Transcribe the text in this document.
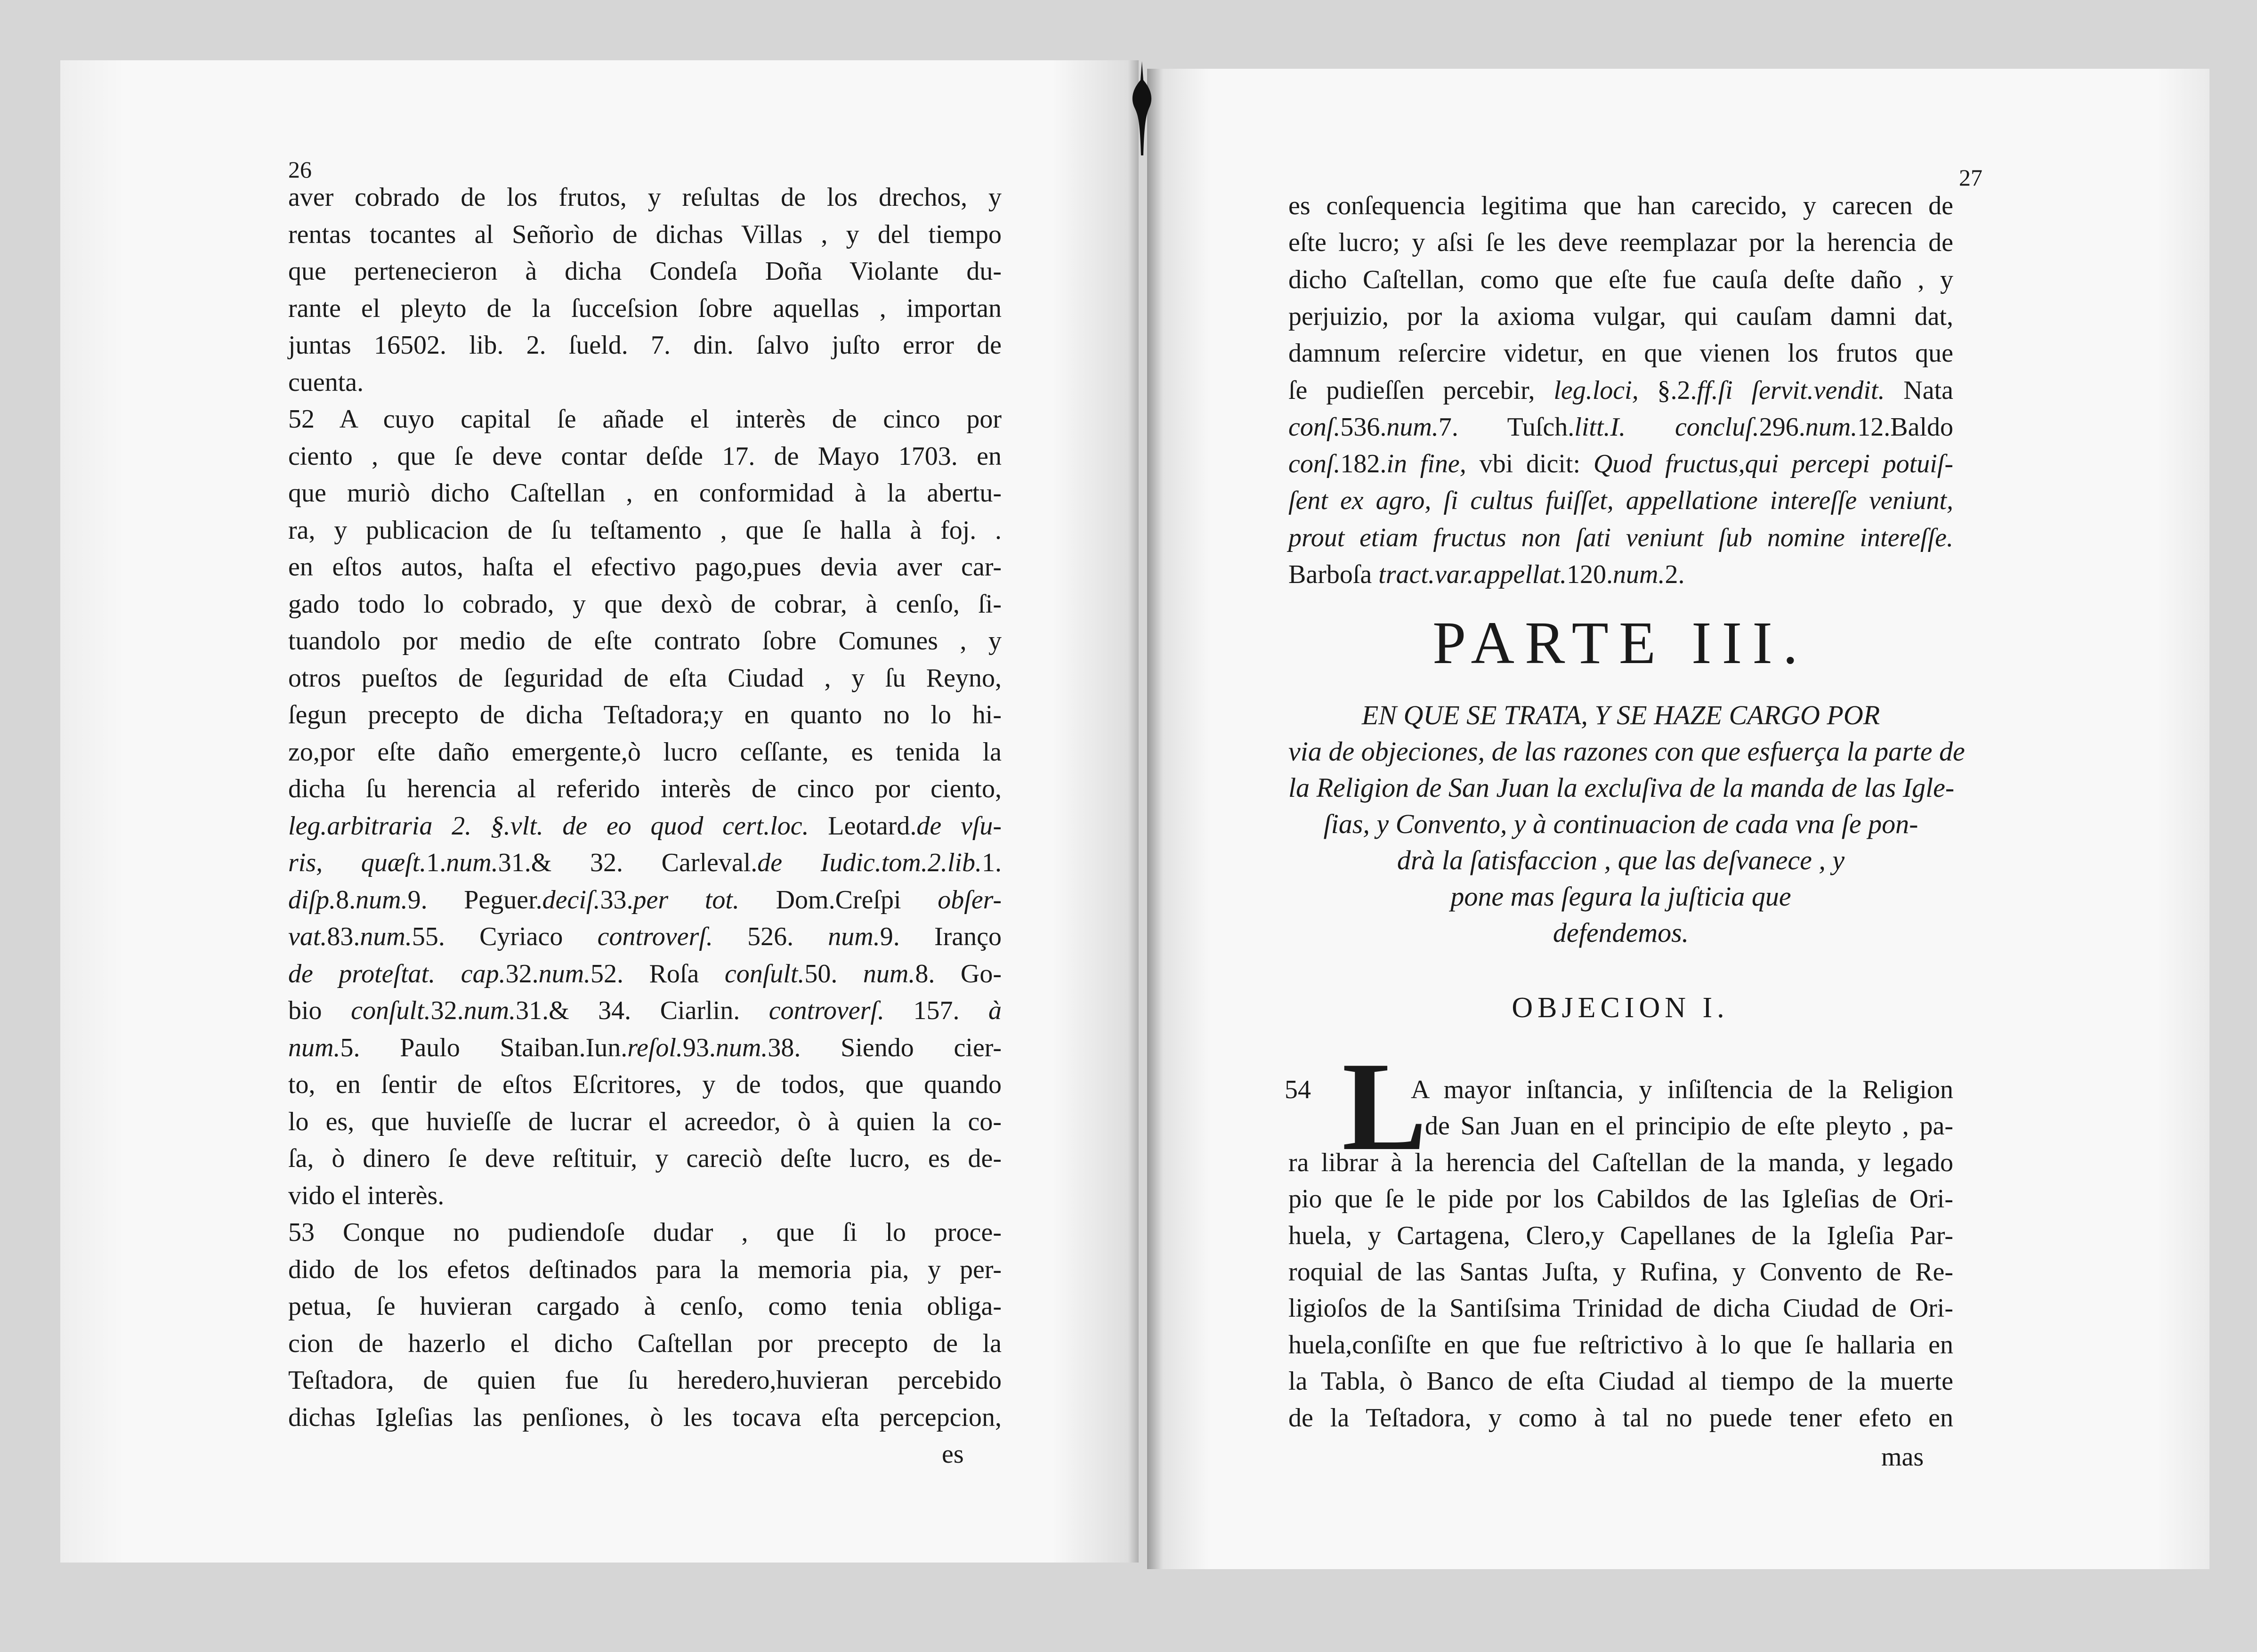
aver cobrado de los frutos, y reſultas de los drechos, y
rentas tocantes al Señorìo de dichas Villas , y del tiempo
que pertenecieron à dicha Condeſa Doña Violante du-
rante el pleyto de la ſucceſsion ſobre aquellas , importan
juntas 16502. lib. 2. ſueld. 7. din. ſalvo juſto error de
cuenta.
52 A cuyo capital ſe añade el interès de cinco por
ciento , que ſe deve contar deſde 17. de Mayo 1703. en
que muriò dicho Caſtellan , en conformidad à la abertu-
ra, y publicacion de ſu teſtamento , que ſe halla à foj. .
en eſtos autos, haſta el efectivo pago,pues devia aver car-
gado todo lo cobrado, y que dexò de cobrar, à cenſo, ſi-
tuandolo por medio de eſte contrato ſobre Comunes , y
otros pueſtos de ſeguridad de eſta Ciudad , y ſu Reyno,
ſegun precepto de dicha Teſtadora;y en quanto no lo hi-
zo,por eſte daño emergente,ò lucro ceſſante, es tenida la
dicha ſu herencia al referido interès de cinco por ciento,
leg.arbitraria 2. §.vlt. de eo quod cert.loc. Leotard.de vſu-
ris, quæſt.1.num.31.& 32. Carleval.de Iudic.tom.2.lib.1.
diſp.8.num.9. Peguer.deciſ.33.per tot. Dom.Creſpi obſer-
vat.83.num.55. Cyriaco controverſ. 526. num.9. Iranço
de proteſtat. cap.32.num.52. Roſa conſult.50. num.8. Go-
bio conſult.32.num.31.& 34. Ciarlin. controverſ. 157. à
num.5. Paulo Staiban.Iun.reſol.93.num.38. Siendo cier-
to, en ſentir de eſtos Eſcritores, y de todos, que quando
lo es, que huvieſſe de lucrar el acreedor, ò à quien la co-
ſa, ò dinero ſe deve reſtituir, y careciò deſte lucro, es de-
vido el interès.
53 Conque no pudiendoſe dudar , que ſi lo proce-
dido de los efetos deſtinados para la memoria pia, y per-
petua, ſe huvieran cargado à cenſo, como tenia obliga-
cion de hazerlo el dicho Caſtellan por precepto de la
Teſtadora, de quien fue ſu heredero,huvieran percebido
dichas Igleſias las penſiones, ò les tocava eſta percepcion,
es conſequencia legitima que han carecido, y carecen de
eſte lucro; y aſsi ſe les deve reemplazar por la herencia de
dicho Caſtellan, como que eſte fue cauſa deſte daño , y
perjuizio, por la axioma vulgar, qui cauſam damni dat,
damnum reſercire videtur, en que vienen los frutos que
ſe pudieſſen percebir, leg.loci, §.2.ff.ſi ſervit.vendit. Nata
conſ.536.num.7. Tuſch.litt.I. concluſ.296.num.12.Baldo
conſ.182.in fine, vbi dicit: Quod fructus,qui percepi potuiſ-
ſent ex agro, ſi cultus fuiſſet, appellatione intereſſe veniunt,
prout etiam fructus non ſati veniunt ſub nomine intereſſe.
Barboſa tract.var.appellat.120.num.2.
EN QUE SE TRATA, Y SE HAZE CARGO POR
via de objeciones, de las razones con que esfuerça la parte de
la Religion de San Juan la excluſiva de la manda de las Igle-
ſias, y Convento, y à continuacion de cada vna ſe pon-
drà la ſatisfaccion , que las deſvanece , y
pone mas ſegura la juſticia que
defendemos.
A mayor inſtancia, y inſiſtencia de la Religion
de San Juan en el principio de eſte pleyto , pa-
ra librar à la herencia del Caſtellan de la manda, y legado
pio que ſe le pide por los Cabildos de las Igleſias de Ori-
huela, y Cartagena, Clero,y Capellanes de la Igleſia Par-
roquial de las Santas Juſta, y Rufina, y Convento de Re-
ligioſos de la Santiſsima Trinidad de dicha Ciudad de Ori-
huela,conſiſte en que fue reſtrictivo à lo que ſe hallaria en
la Tabla, ò Banco de eſta Ciudad al tiempo de la muerte
de la Teſtadora, y como à tal no puede tener efeto en
26	27
es	mas
PARTE III.
OBJECION I.
54 L
